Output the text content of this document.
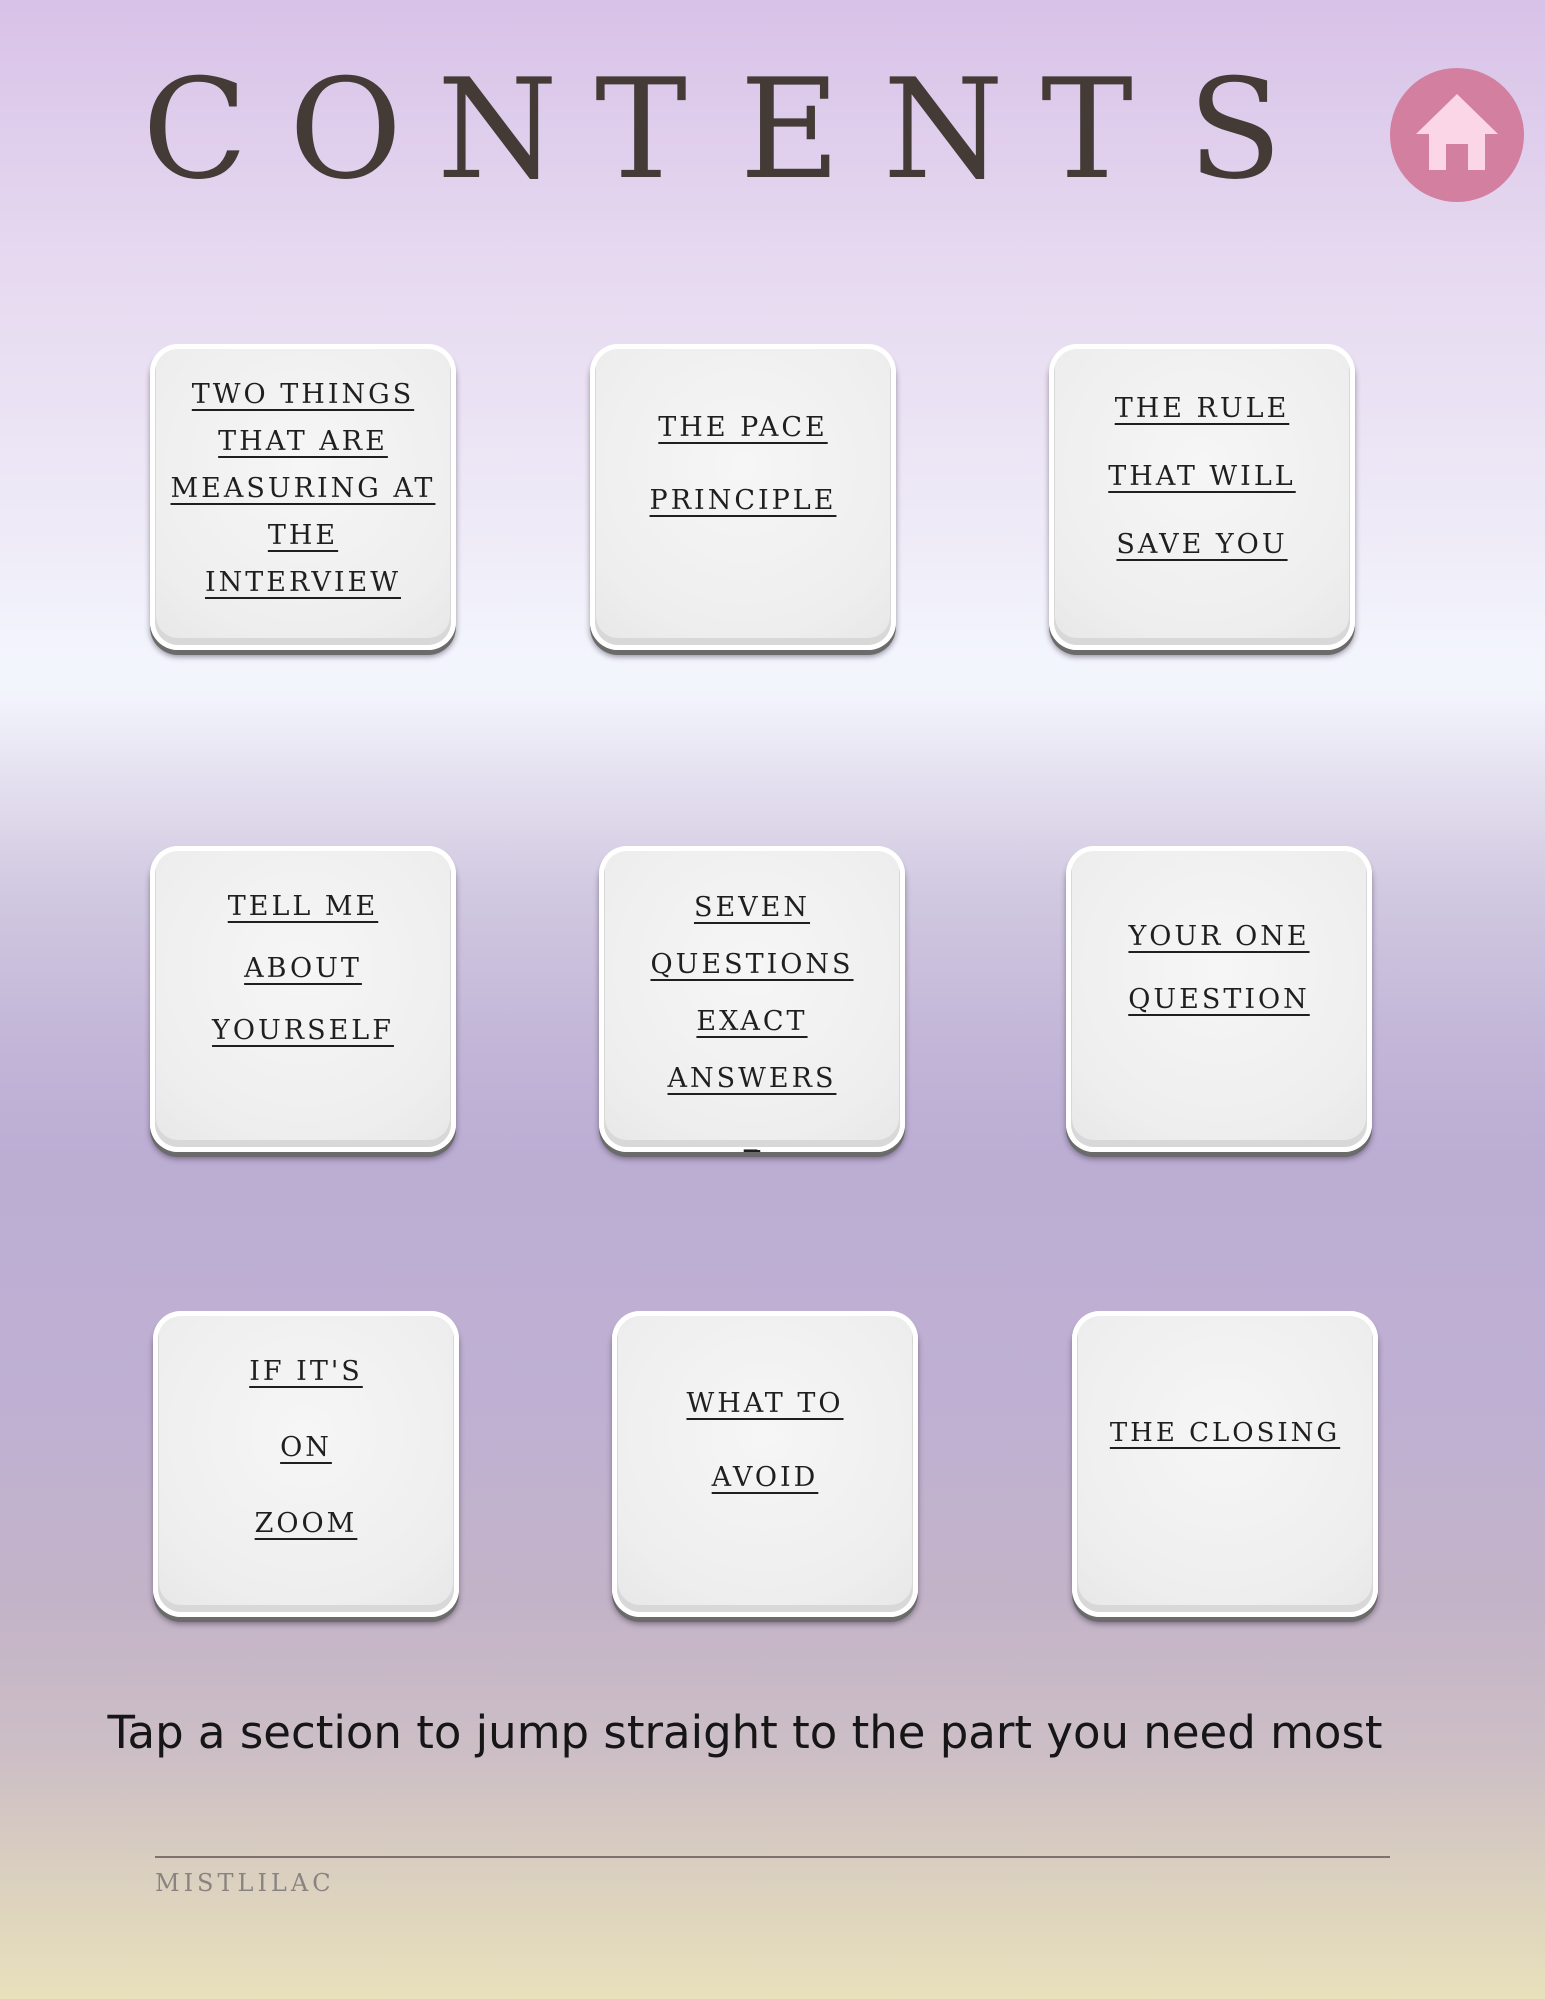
C O N T E N T S
TWO THINGS
THAT ARE
MEASURING AT
THE
INTERVIEW
THE PACE
PRINCIPLE
THE RULE
THAT WILL
SAVE YOU
TELL ME
ABOUT
YOURSELF
SEVEN
QUESTIONS
EXACT
ANSWERS
_
YOUR ONE
QUESTION
IF IT'S
ON
ZOOM
WHAT TO
AVOID
THE CLOSING
Tap a section to jump straight to the part you need most
MISTLILAC
